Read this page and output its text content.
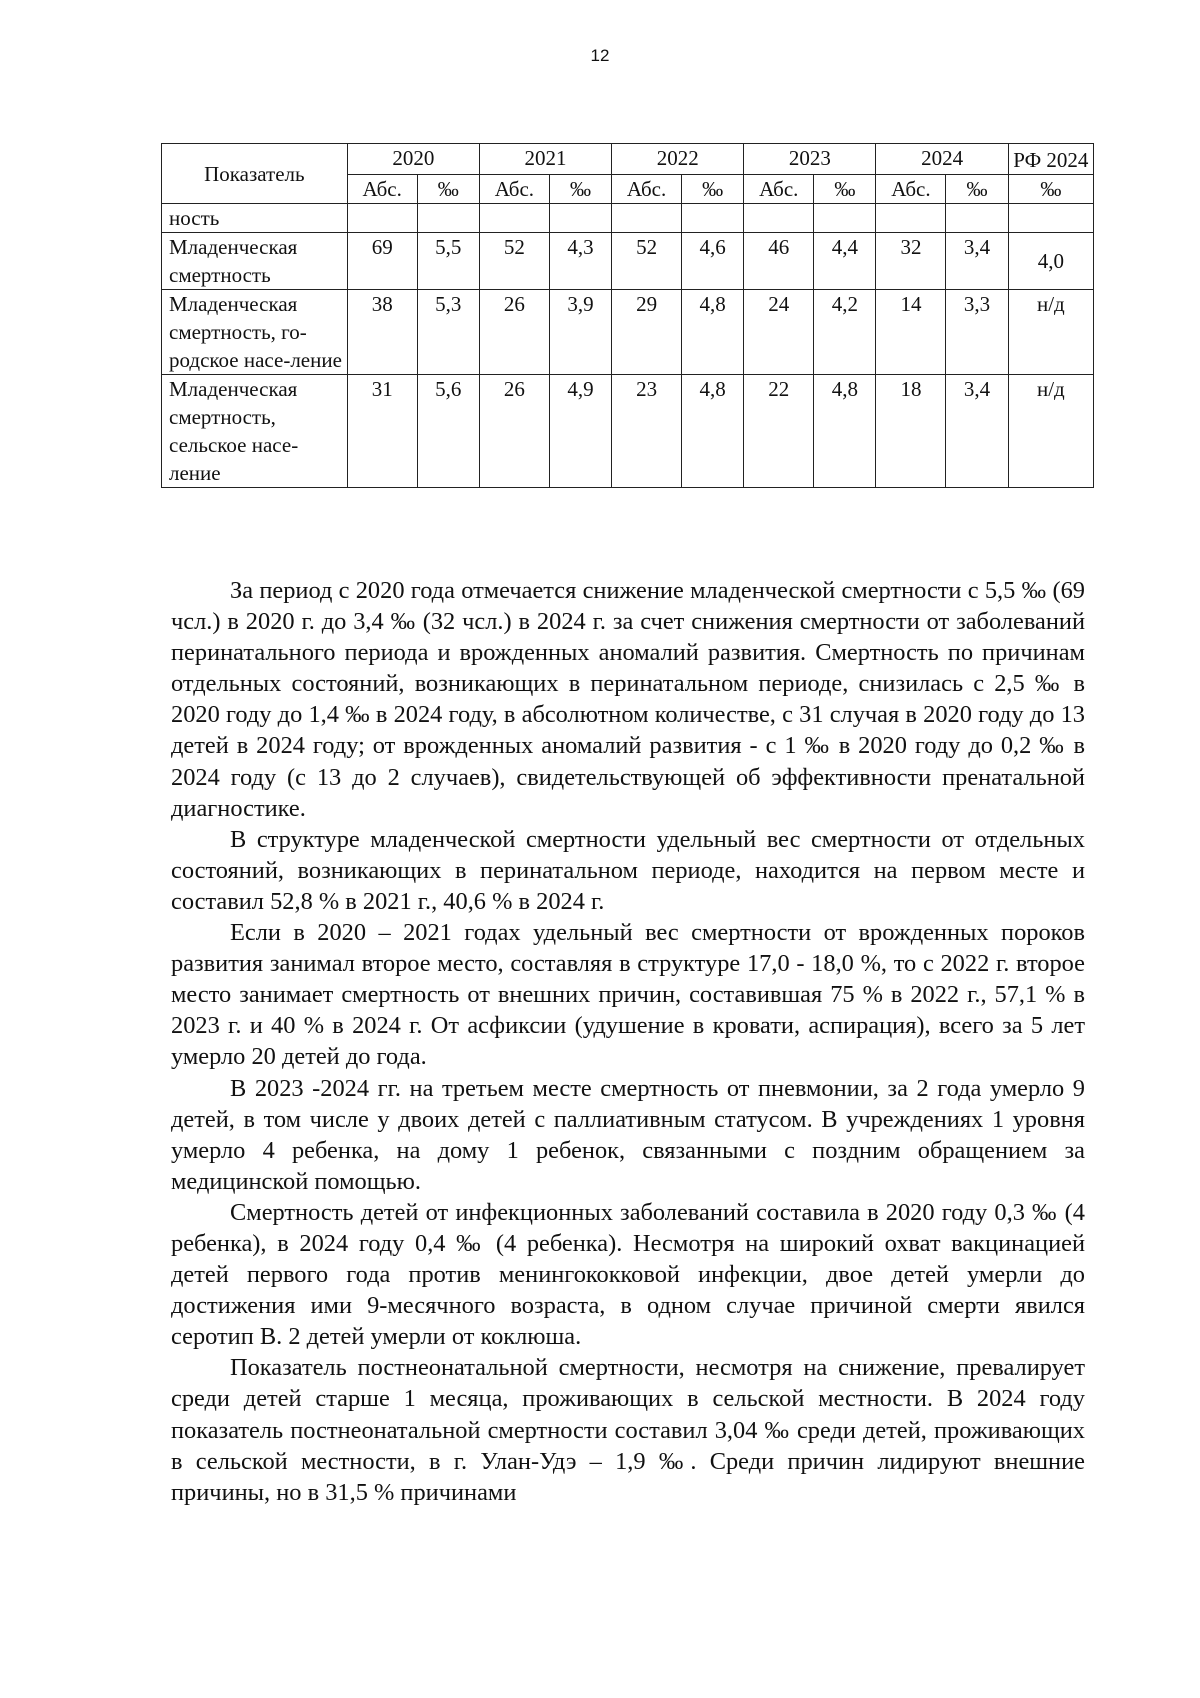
12
Показатель	2020		2021		2022		2023		2024		РФ 2024
	Абс.	‰	Абс.	‰	Абс.	‰	Абс.	‰	Абс.	‰	‰
ность											
Младенческая смертность	69	5,5	52	4,3	52	4,6	46	4,4	32	3,4	4,0
Младенческая смертность, го-родское насе-ление	38	5,3	26	3,9	29	4,8	24	4,2	14	3,3	н/д
Младенческая смертность, сельское насе-ление	31	5,6	26	4,9	23	4,8	22	4,8	18	3,4	н/д

За период с 2020 года отмечается снижение младенческой смертности с 5,5 ‰ (69 чсл.) в 2020 г. до 3,4 ‰ (32 чсл.) в 2024 г. за счет снижения смертности от заболеваний перинатального периода и врожденных аномалий развития. Смертность по причинам отдельных состояний, возникающих в перинатальном периоде, снизилась с 2,5 ‰ в 2020 году до 1,4 ‰ в 2024 году, в абсолютном количестве, с 31 случая в 2020 году до 13 детей в 2024 году; от врожденных аномалий развития - с 1 ‰ в 2020 году до 0,2 ‰ в 2024 году (с 13 до 2 случаев), свидетельствующей об эффективности пренатальной диагностике.

В структуре младенческой смертности удельный вес смертности от отдельных состояний, возникающих в перинатальном периоде, находится на первом месте и составил 52,8 % в 2021 г., 40,6 % в 2024 г.

Если в 2020 – 2021 годах удельный вес смертности от врожденных пороков развития занимал второе место, составляя в структуре 17,0 - 18,0 %, то с 2022 г. второе место занимает смертность от внешних причин, составившая 75 % в 2022 г., 57,1 % в 2023 г. и 40 % в 2024 г. От асфиксии (удушение в кровати, аспирация), всего за 5 лет умерло 20 детей до года.

В 2023 -2024 гг. на третьем месте смертность от пневмонии, за 2 года умерло 9 детей, в том числе у двоих детей с паллиативным статусом. В учреждениях 1 уровня умерло 4 ребенка, на дому 1 ребенок, связанными с поздним обращением за медицинской помощью.

Смертность детей от инфекционных заболеваний составила в 2020 году 0,3 ‰ (4 ребенка), в 2024 году 0,4 ‰ (4 ребенка). Несмотря на широкий охват вакцинацией детей первого года против менингококковой инфекции, двое детей умерли до достижения ими 9-месячного возраста, в одном случае причиной смерти явился серотип В. 2 детей умерли от коклюша.

Показатель постнеонатальной смертности, несмотря на снижение, превалирует среди детей старше 1 месяца, проживающих в сельской местности. В 2024 году показатель постнеонатальной смертности составил 3,04 ‰ среди детей, проживающих в сельской местности, в г. Улан-Удэ – 1,9 ‰. Среди причин лидируют внешние причины, но в 31,5 % причинами
